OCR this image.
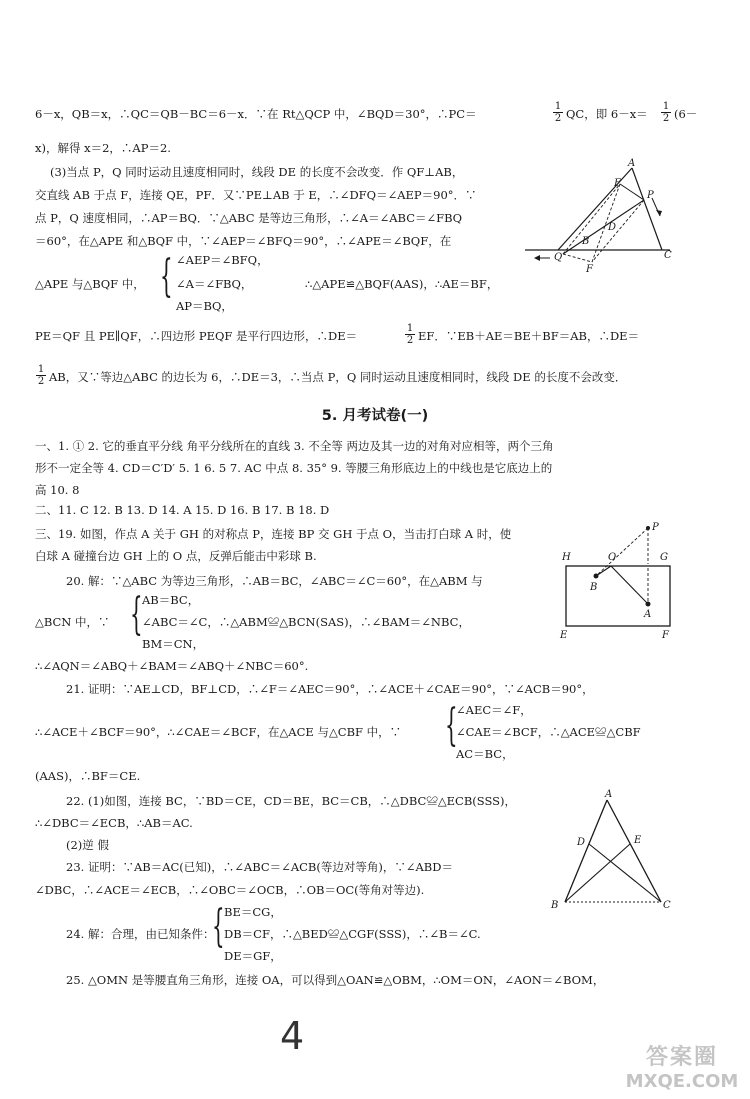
6－x，QB＝x，∴QC＝QB－BC＝6－x．∵在 Rt△QCP 中，∠BQD＝30°，∴PC＝
1
2 QC，即 6－x＝
1
2 (6－
x)，解得 x＝2，∴AP＝2.
(3)当点 P，Q 同时运动且速度相同时，线段 DE 的长度不会改变．作 QF⊥AB，
交直线 AB 于点 F，连接 QE，PF．又∵PE⊥AB 于 E，∴∠DFQ＝∠AEP＝90°．∵
点 P，Q 速度相同，∴AP＝BQ．∵△ABC 是等边三角形，∴∠A＝∠ABC＝∠FBQ
＝60°，在△APE 和△BQF 中，∵∠AEP＝∠BFQ＝90°，∴∠APE＝∠BQF，在
∠AEP＝∠BFQ，
{
△APE 与△BQF 中，	∠A＝∠FBQ，	∴△APE≌△BQF(AAS)，∴AE＝BF，
AP＝BQ，
PE＝QF 且 PE∥QF，∴四边形 PEQF 是平行四边形，∴DE＝
1
2 EF．∵EB＋AE＝BE＋BF＝AB，∴DE＝
1
2 AB，又∵等边△ABC 的边长为 6，∴DE＝3，∴当点 P，Q 同时运动且速度相同时，线段 DE 的长度不会改变．
A
E
P
D
B
Q
F
C
5. 月考试卷(一)
一、1. ① 2. 它的垂直平分线 角平分线所在的直线 3. 不全等 两边及其一边的对角对应相等，两个三角
形不一定全等 4. CD＝C′D′ 5. 1 6. 5 7. AC 中点 8. 35° 9. 等腰三角形底边上的中线也是它底边上的
高 10. 8
二、11. C 12. B 13. D 14. A 15. D 16. B 17. B 18. D
三、19. 如图，作点 A 关于 GH 的对称点 P，连接 BP 交 GH 于点 O，当击打白球 A 时，使
白球 A 碰撞台边 GH 上的 O 点，反弹后能击中彩球 B.
20. 解：∵△ABC 为等边三角形，∴AB＝BC，∠ABC＝∠C＝60°，在△ABM 与
AB＝BC，
{
△BCN 中，∵	∠ABC＝∠C，∴△ABM≌△BCN(SAS)，∴∠BAM＝∠NBC，
BM＝CN，
∴∠AQN＝∠ABQ＋∠BAM＝∠ABQ＋∠NBC＝60°.
21. 证明：∵AE⊥CD，BF⊥CD，∴∠F＝∠AEC＝90°，∴∠ACE＋∠CAE＝90°，∵∠ACB＝90°，
∠AEC＝∠F，
{
∴∠ACE＋∠BCF＝90°，∴∠CAE＝∠BCF，在△ACE 与△CBF 中，∵	∠CAE＝∠BCF，∴△ACE≌△CBF
AC＝BC，
(AAS)，∴BF＝CE.
22. (1)如图，连接 BC，∵BD＝CE，CD＝BE，BC＝CB，∴△DBC≌△ECB(SSS)，
∴∠DBC＝∠ECB，∴AB＝AC.
(2)逆 假
23. 证明：∵AB＝AC(已知)，∴∠ABC＝∠ACB(等边对等角)，∵∠ABD＝
∠DBC，∴∠ACE＝∠ECB，∴∠OBC＝∠OCB，∴OB＝OC(等角对等边).
BE＝CG，
{
24. 解：合理，由已知条件： DB＝CF，∴△BED≌△CGF(SSS)，∴∠B＝∠C.
DE＝GF，
25. △OMN 是等腰直角三角形，连接 OA，可以得到△OAN≌△OBM，∴OM＝ON，∠AON＝∠BOM，
P
H	O	G
B
A
E	F
A
D	E
B	C
4	答案圈
MXQE.COM
